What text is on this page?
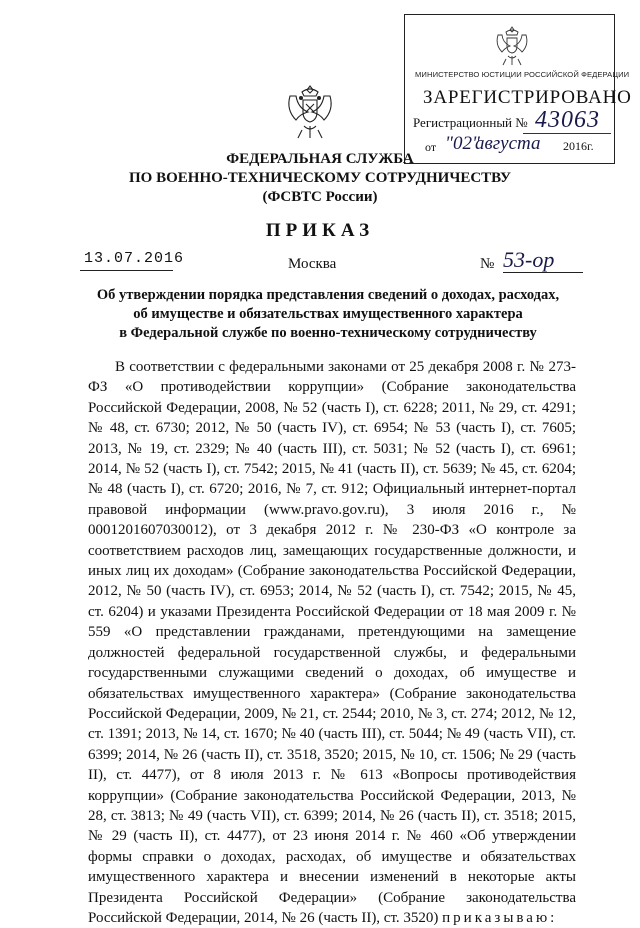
МИНИСТЕРСТВО ЮСТИЦИИ РОССИЙСКОЙ ФЕДЕРАЦИИ
ЗАРЕГИСТРИРОВАНО
Регистрационный № 43063
от "02"
августа 2016г.
ФЕДЕРАЛЬНАЯ СЛУЖБА
ПО ВОЕННО-ТЕХНИЧЕСКОМУ СОТРУДНИЧЕСТВУ
(ФСВТС России)
ПРИКАЗ
13.07.2016	Москва	№ 53-ор
Об утверждении порядка представления сведений о доходах, расходах,
об имуществе и обязательствах имущественного характера
в Федеральной службе по военно-техническому сотрудничеству

В соответствии с федеральными законами от 25 декабря 2008 г. № 273-ФЗ «О противодействии коррупции» (Собрание законодательства Российской Федерации, 2008, № 52 (часть I), ст. 6228; 2011, № 29, ст. 4291; № 48, ст. 6730; 2012, № 50 (часть IV), ст. 6954; № 53 (часть I), ст. 7605; 2013, № 19, ст. 2329; № 40 (часть III), ст. 5031; № 52 (часть I), ст. 6961; 2014, № 52 (часть I), ст. 7542; 2015, № 41 (часть II), ст. 5639; № 45, ст. 6204; № 48 (часть I), ст. 6720; 2016, № 7, ст. 912; Официальный интернет-портал правовой информации (www.pravo.gov.ru), 3 июля 2016 г., № 0001201607030012), от 3 декабря 2012 г. № 230-ФЗ «О контроле за соответствием расходов лиц, замещающих государственные должности, и иных лиц их доходам» (Собрание законодательства Российской Федерации, 2012, № 50 (часть IV), ст. 6953; 2014, № 52 (часть I), ст. 7542; 2015, № 45, ст. 6204) и указами Президента Российской Федерации от 18 мая 2009 г. № 559 «О представлении гражданами, претендующими на замещение должностей федеральной государственной службы, и федеральными государственными служащими сведений о доходах, об имуществе и обязательствах имущественного характера» (Собрание законодательства Российской Федерации, 2009, № 21, ст. 2544; 2010, № 3, ст. 274; 2012, № 12, ст. 1391; 2013, № 14, ст. 1670; № 40 (часть III), ст. 5044; № 49 (часть VII), ст. 6399; 2014, № 26 (часть II), ст. 3518, 3520; 2015, № 10, ст. 1506; № 29 (часть II), ст. 4477), от 8 июля 2013 г. № 613 «Вопросы противодействия коррупции» (Собрание законодательства Российской Федерации, 2013, № 28, ст. 3813; № 49 (часть VII), ст. 6399; 2014, № 26 (часть II), ст. 3518; 2015, № 29 (часть II), ст. 4477), от 23 июня 2014 г. № 460 «Об утверждении формы справки о доходах, расходах, об имуществе и обязательствах имущественного характера и внесении изменений в некоторые акты Президента Российской Федерации» (Собрание законодательства Российской Федерации, 2014, № 26 (часть II), ст. 3520) приказываю:
